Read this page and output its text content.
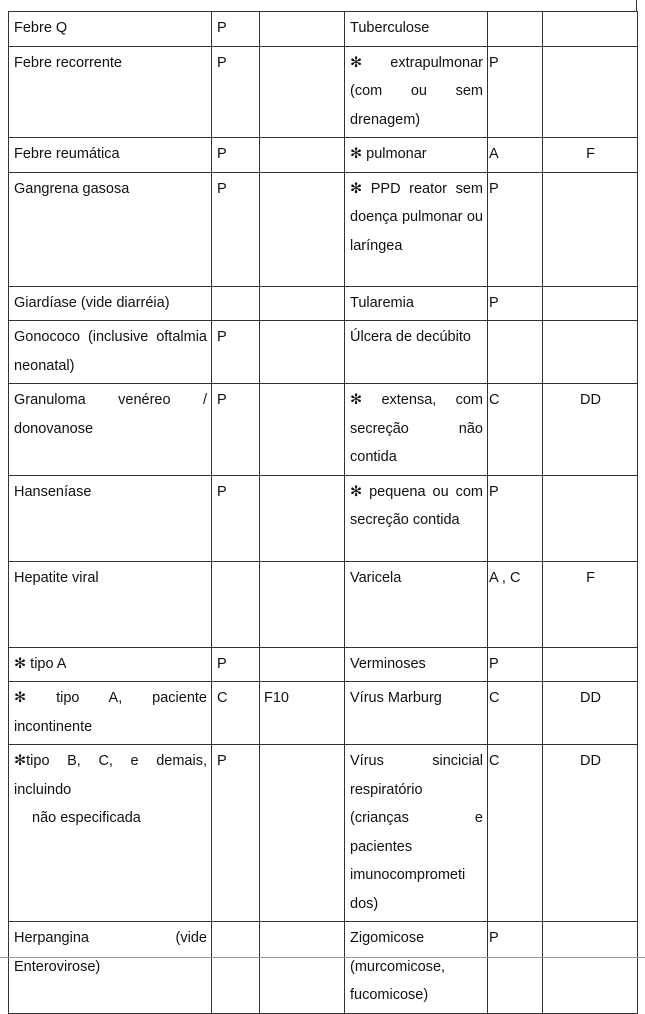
Febre Q	P		Tuberculose		
Febre recorrente	P		✻ extrapulmonar (com ou sem drenagem)	P	
Febre reumática	P		✻ pulmonar	A	F
Gangrena gasosa	P		✻ PPD reator sem doença pulmonar ou laríngea	P	
Giardíase (vide diarréia)			Tularemia	P	
Gonococo (inclusive oftalmia neonatal)	P		Úlcera de decúbito		
Granuloma venéreo / donovanose	P		✻ extensa, com secreção não contida	C	DD
Hanseníase	P		✻ pequena ou com secreção contida	P	
Hepatite viral			Varicela	A , C	F
✻ tipo A	P		Verminoses	P	
✻ tipo A, paciente incontinente	C	F10	Vírus Marburg	C	DD

✻tipo B, C, e demais, incluindo
não especificada	P		Vírus sincicial respiratório (crianças e pacientes imunocomprometi dos)	C	DD
Herpangina (vide Enterovirose)			Zigomicose (murcomicose, fucomicose)	P	
